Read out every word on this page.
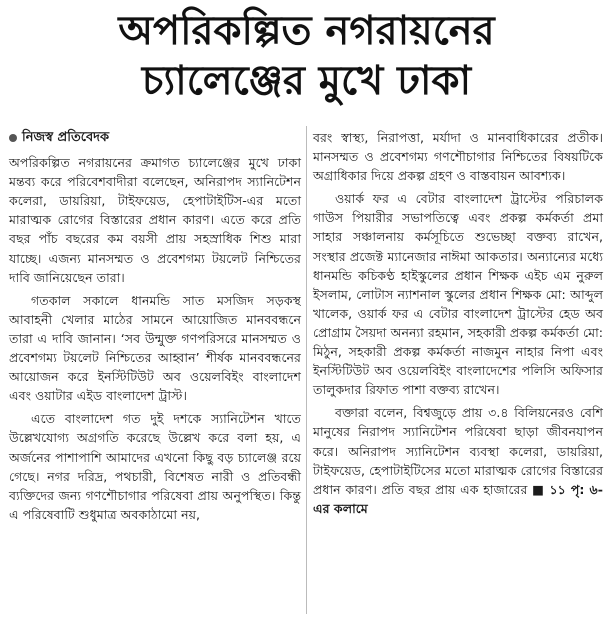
অপরিকল্পিত নগরায়নের
চ্যালেঞ্জের মুখে ঢাকা
নিজস্ব প্রতিবেদক

অপরিকল্পিত নগরায়নের ক্রমাগত চ্যালেঞ্জের মুখে ঢাকা মন্তব্য করে পরিবেশবাদীরা বলেছেন, অনিরাপদ স্যানিটেশন কলেরা, ডায়রিয়া, টাইফয়েড, হেপাটাইটিস-এর মতো মারাত্মক রোগের বিস্তারের প্রধান কারণ। এতে করে প্রতি বছর পাঁচ বছরের কম বয়সী প্রায় সহস্রাধিক শিশু মারা যাচ্ছে। এজন্য মানসম্মত ও প্রবেশগম্য টয়লেট নিশ্চিতের দাবি জানিয়েছেন তারা।

গতকাল সকালে ধানমন্ডি সাত মসজিদ সড়কস্থ আবাহনী খেলার মাঠের সামনে আয়োজিত মানববন্ধনে তারা এ দাবি জানান। ‘সব উন্মুক্ত গণপরিসরে মানসম্মত ও প্রবেশগম্য টয়লেট নিশ্চিতের আহ্বান’ শীর্ষক মানববন্ধনের আয়োজন করে ইনস্টিটিউট অব ওয়েলবিইং বাংলাদেশ এবং ওয়াটার এইড বাংলাদেশ ট্রাস্ট।

এতে বাংলাদেশ গত দুই দশকে স্যানিটেশন খাতে উল্লেখযোগ্য অগ্রগতি করেছে উল্লেখ করে বলা হয়, এ অর্জনের পাশাপাশি আমাদের এখনো কিছু বড় চ্যালেঞ্জ রয়ে গেছে। নগর দরিদ্র, পথচারী, বিশেষত নারী ও প্রতিবন্ধী ব্যক্তিদের জন্য গণশৌচাগার পরিষেবা প্রায় অনুপস্থিত। কিন্তু এ পরিষেবাটি শুধুমাত্র অবকাঠামো নয়,

বরং স্বাস্থ্য, নিরাপত্তা, মর্যাদা ও মানবাধিকারের প্রতীক। মানসম্মত ও প্রবেশগম্য গণশৌচাগার নিশ্চিতের বিষয়টিকে অগ্রাধিকার দিয়ে প্রকল্প গ্রহণ ও বাস্তবায়ন আবশ্যক।

ওয়ার্ক ফর এ বেটার বাংলাদেশ ট্রাস্টের পরিচালক গাউস পিয়ারীর সভাপতিত্বে এবং প্রকল্প কর্মকর্তা প্রমা সাহার সঞ্চালনায় কর্মসূচিতে শুভেচ্ছা বক্তব্য রাখেন, সংস্থার প্রজেক্ট ম্যানেজার নাঈমা আকতার। অন্যান্যের মধ্যে ধানমন্ডি কচিকণ্ঠ হাইস্কুলের প্রধান শিক্ষক এইচ এম নুরুল ইসলাম, লোটাস ন্যাশনাল স্কুলের প্রধান শিক্ষক মো: আব্দুল খালেক, ওয়ার্ক ফর এ বেটার বাংলাদেশ ট্রাস্টের হেড অব প্রোগ্রাম সৈয়দা অনন্যা রহমান, সহকারী প্রকল্প কর্মকর্তা মো: মিঠুন, সহকারী প্রকল্প কর্মকর্তা নাজমুন নাহার নিপা এবং ইনস্টিটিউট অব ওয়েলবিইং বাংলাদেশের পলিসি অফিসার তালুকদার রিফাত পাশা বক্তব্য রাখেন।

বক্তারা বলেন, বিশ্বজুড়ে প্রায় ৩.৪ বিলিয়নেরও বেশি মানুষের নিরাপদ স্যানিটেশন পরিষেবা ছাড়া জীবনযাপন করে। অনিরাপদ স্যানিটেশন ব্যবস্থা কলেরা, ডায়রিয়া, টাইফয়েড, হেপাটাইটিসের মতো মারাত্মক রোগের বিস্তারের প্রধান কারণ। প্রতি বছর প্রায় এক হাজারের ■ ১১ পৃ: ৬-এর কলামে
